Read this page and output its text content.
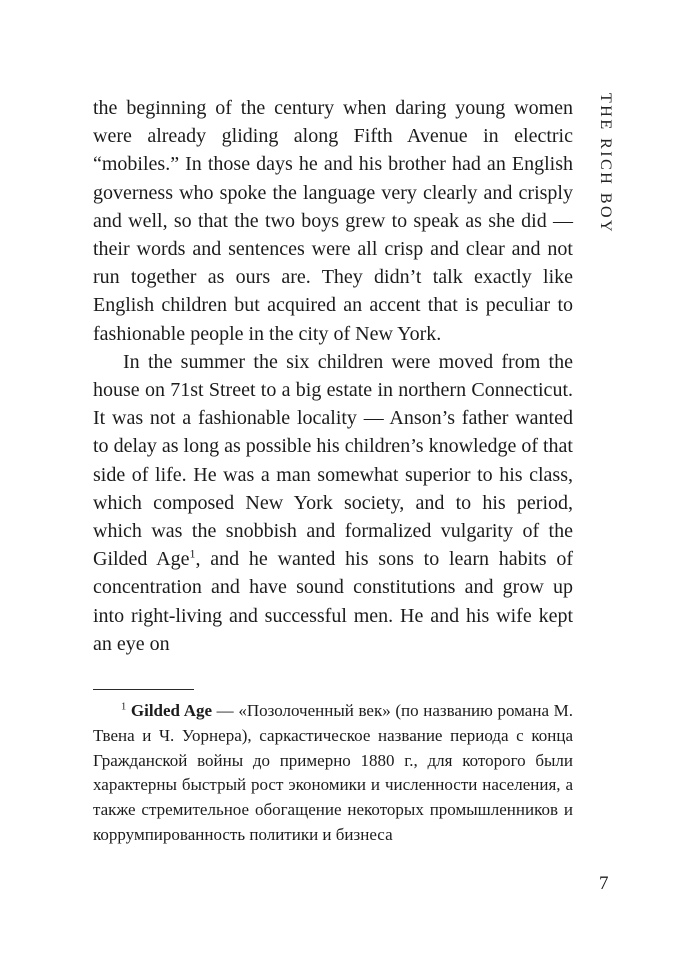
THE RICH BOY

the beginning of the century when daring young women were already gliding along Fifth Avenue in electric “mobiles.” In those days he and his brother had an English governess who spoke the language very clearly and crisply and well, so that the two boys grew to speak as she did — their words and sentences were all crisp and clear and not run together as ours are. They didn’t talk exactly like English children but acquired an accent that is peculiar to fashionable people in the city of New York.

In the summer the six children were moved from the house on 71st Street to a big estate in northern Connecticut. It was not a fashionable locality — Anson’s father wanted to delay as long as possible his children’s knowledge of that side of life. He was a man somewhat superior to his class, which composed New York society, and to his period, which was the snobbish and formalized vulgarity of the Gilded Age$^1$, and he wanted his sons to learn habits of concentration and have sound constitutions and grow up into right-living and successful men. He and his wife kept an eye on

$^1$ Gilded Age — «Позолоченный век» (по названию романа М. Твена и Ч. Уорнера), саркастическое название периода с конца Гражданской войны до примерно 1880 г., для которого были характерны быстрый рост экономики и численности населения, а также стремительное обогащение некоторых промышленников и коррумпированность политики и бизнеса

7
